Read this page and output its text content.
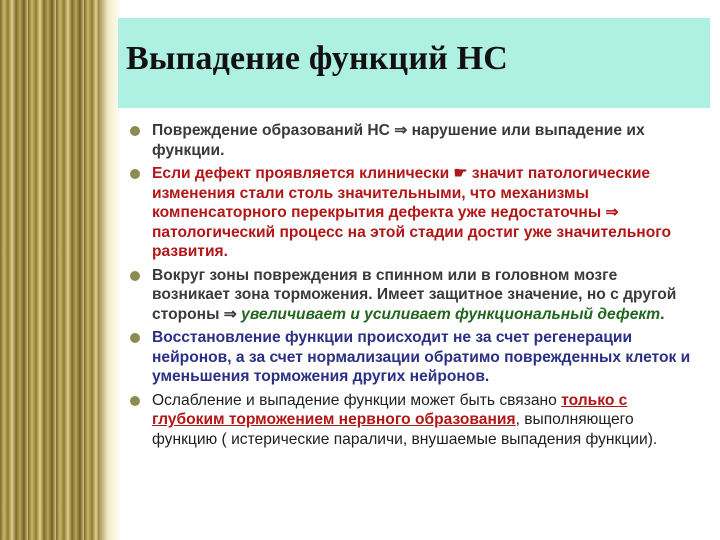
Выпадение функций НС
Повреждение образований НС ⇒ нарушение или выпадение их функции.
Если дефект проявляется клинически ☛ значит патологические изменения стали столь значительными, что механизмы компенсаторного перекрытия дефекта уже недостаточны ⇒ патологический процесс на этой стадии достиг уже значительного развития.
Вокруг зоны повреждения в спинном или в головном мозге возникает зона торможения. Имеет защитное значение, но с другой стороны ⇒ увеличивает и усиливает функциональный дефект.
Восстановление функции происходит не за счет регенерации нейронов, а за счет нормализации обратимо поврежденных клеток и уменьшения торможения других нейронов.
Ослабление и выпадение функции может быть связано только с глубоким торможением нервного образования, выполняющего функцию ( истерические параличи, внушаемые выпадения функции).
